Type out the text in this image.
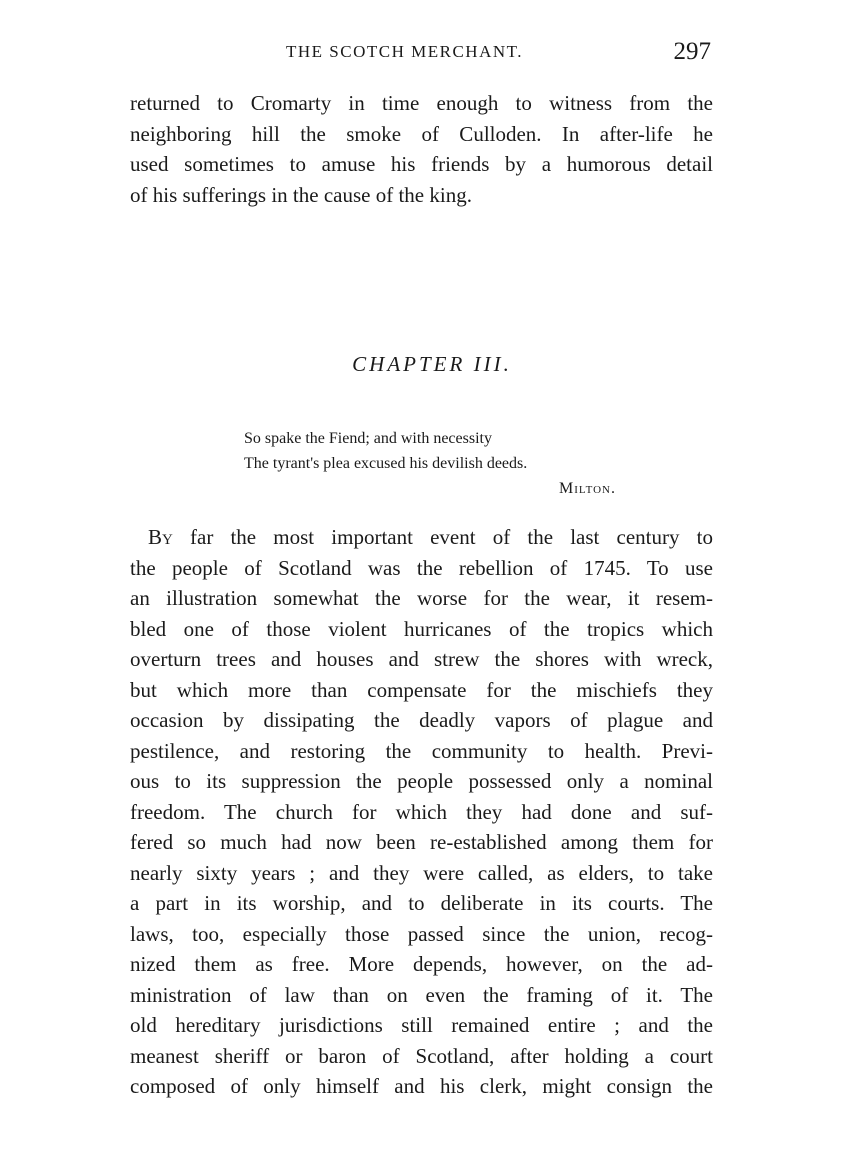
THE SCOTCH MERCHANT.	297
returned to Cromarty in time enough to witness from the
neighboring hill the smoke of Culloden. In after-life he
used sometimes to amuse his friends by a humorous detail
of his sufferings in the cause of the king.
CHAPTER III.
So spake the Fiend; and with necessity
The tyrant's plea excused his devilish deeds.
Milton.
By far the most important event of the last century to
the people of Scotland was the rebellion of 1745. To use
an illustration somewhat the worse for the wear, it resem-
bled one of those violent hurricanes of the tropics which
overturn trees and houses and strew the shores with wreck,
but which more than compensate for the mischiefs they
occasion by dissipating the deadly vapors of plague and
pestilence, and restoring the community to health. Previ-
ous to its suppression the people possessed only a nominal
freedom. The church for which they had done and suf-
fered so much had now been re-established among them for
nearly sixty years ; and they were called, as elders, to take
a part in its worship, and to deliberate in its courts. The
laws, too, especially those passed since the union, recog-
nized them as free. More depends, however, on the ad-
ministration of law than on even the framing of it. The
old hereditary jurisdictions still remained entire ; and the
meanest sheriff or baron of Scotland, after holding a court
composed of only himself and his clerk, might consign the
